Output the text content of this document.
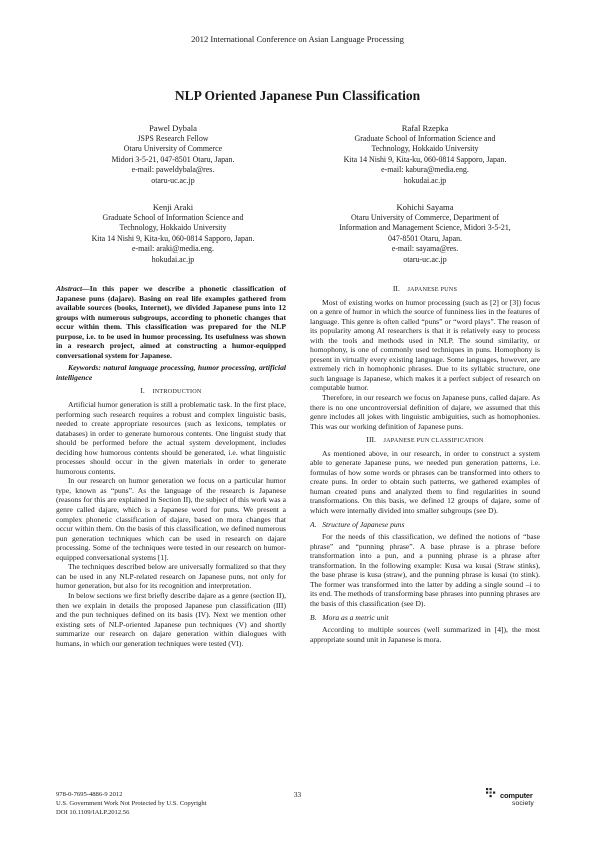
2012 International Conference on Asian Language Processing
NLP Oriented Japanese Pun Classification
Pawel Dybala
JSPS Research Fellow
Otaru University of Commerce
Midori 3-5-21, 047-8501 Otaru, Japan.
e-mail: paweldybala@res.
otaru-uc.ac.jp
Rafal Rzepka
Graduate School of Information Science and
Technology, Hokkaido University
Kita 14 Nishi 9, Kita-ku, 060-0814 Sapporo, Japan.
e-mail: kabura@media.eng.
hokudai.ac.jp
Kenji Araki
Graduate School of Information Science and
Technology, Hokkaido University
Kita 14 Nishi 9, Kita-ku, 060-0814 Sapporo, Japan.
e-mail: araki@media.eng.
hokudai.ac.jp
Kohichi Sayama
Otaru University of Commerce, Department of
Information and Management Science, Midori 3-5-21,
047-8501 Otaru, Japan.
e-mail: sayama@res.
otaru-uc.ac.jp

Abstract—In this paper we describe a phonetic classification of Japanese puns (dajare). Basing on real life examples gathered from available sources (books, Internet), we divided Japanese puns into 12 groups with numerous subgroups, according to phonetic changes that occur within them. This classification was prepared for the NLP purpose, i.e. to be used in humor processing. Its usefulness was shown in a research project, aimed at constructing a humor-equipped conversational system for Japanese.

Keywords: natural language processing, humor processing, artificial intelligence

I. INTRODUCTION

Artificial humor generation is still a problematic task. In the first place, performing such research requires a robust and complex linguistic basis, needed to create appropriate resources (such as lexicons, templates or databases) in order to generate humorous contents. One linguist study that should be performed before the actual system development, includes deciding how humorous contents should be generated, i.e. what linguistic processes should occur in the given materials in order to generate humorous contents.

In our research on humor generation we focus on a particular humor type, known as “puns”. As the language of the research is Japanese (reasons for this are explained in Section II), the subject of this work was a genre called dajare, which is a Japanese word for puns. We present a complex phonetic classification of dajare, based on mora changes that occur within them. On the basis of this classification, we defined numerous pun generation techniques which can be used in research on dajare processing. Some of the techniques were tested in our research on humor-equipped conversational systems [1].

The techniques described below are universally formalized so that they can be used in any NLP-related research on Japanese puns, not only for humor generation, but also for its recognition and interpretation.

In below sections we first briefly describe dajare as a genre (section II), then we explain in details the proposed Japanese pun classification (III) and the pun techniques defined on its basis (IV). Next we mention other existing sets of NLP-oriented Japanese pun techniques (V) and shortly summarize our research on dajare generation within dialogues with humans, in which our generation techniques were tested (VI).

II. JAPANESE PUNS

Most of existing works on humor processing (such as [2] or [3]) focus on a genre of humor in which the source of funniness lies in the features of language. This genre is often called “puns” or “word plays”. The reason of its popularity among AI researchers is that it is relatively easy to process with the tools and methods used in NLP. The sound similarity, or homophony, is one of commonly used techniques in puns. Homophony is present in virtually every existing language. Some languages, however, are extremely rich in homophonic phrases. Due to its syllabic structure, one such language is Japanese, which makes it a perfect subject of research on computable humor.

Therefore, in our research we focus on Japanese puns, called dajare. As there is no one uncontroversial definition of dajare, we assumed that this genre includes all jokes with linguistic ambiguities, such as homophonies. This was our working definition of Japanese puns.

III. JAPANESE PUN CLASSIFICATION

As mentioned above, in our research, in order to construct a system able to generate Japanese puns, we needed pun generation patterns, i.e. formulas of how some words or phrases can be transformed into others to create puns. In order to obtain such patterns, we gathered examples of human created puns and analyzed them to find regularities in sound transformations. On this basis, we defined 12 groups of dajare, some of which were internally divided into smaller subgroups (see D).

A. Structure of Japanese puns

For the needs of this classification, we defined the notions of “base phrase” and “punning phrase”. A base phrase is a phrase before transformation into a pun, and a punning phrase is a phrase after transformation. In the following example: Kusa wa kusai (Straw stinks), the base phrase is kusa (straw), and the punning phrase is kusai (to stink). The former was transformed into the latter by adding a single sound –i to its end. The methods of transforming base phrases into punning phrases are the basis of this classification (see D).

B. Mora as a metric unit

According to multiple sources (well summarized in [4]), the most appropriate sound unit in Japanese is mora.

978-0-7695-4886-9 2012
U.S. Government Work Not Protected by U.S. Copyright
DOI 10.1109/IALP.2012.56
33	computer
society
